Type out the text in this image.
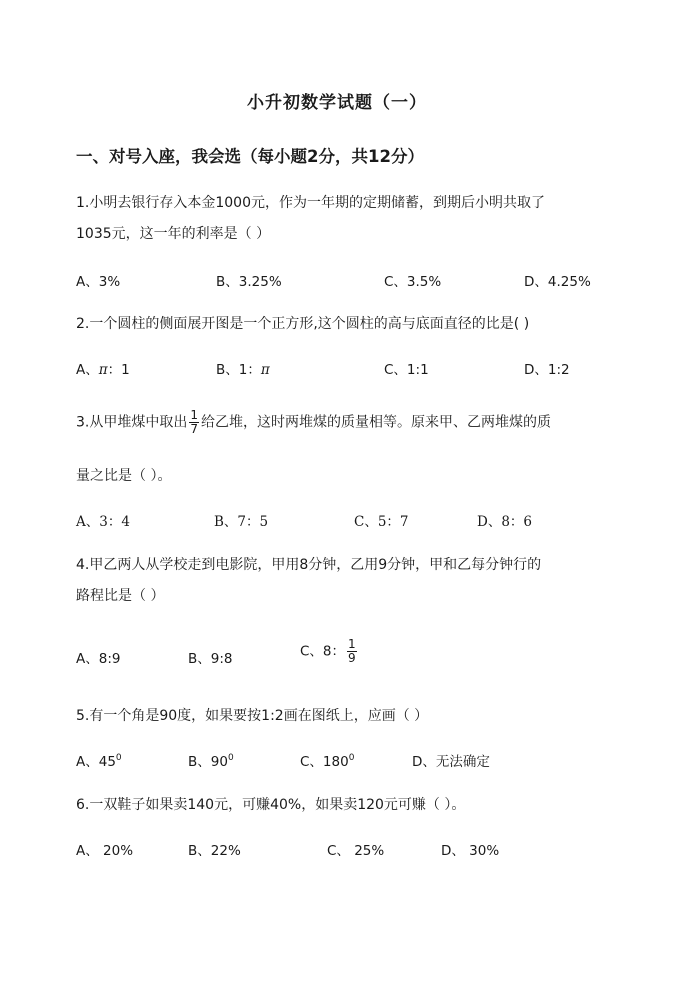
小升初数学试题（一）
一、对号入座，我会选（每小题2分，共12分）
1.小明去银行存入本金1000元，作为一年期的定期储蓄，到期后小明共取了
1035元，这一年的利率是（ ）
A、3%	B、3.25%	C、3.5%	D、4.25%
2.一个圆柱的侧面展开图是一个正方形,这个圆柱的高与底面直径的比是( )
A、π：1	B、1：π	C、1:1	D、1:2
3.从甲堆煤中取出 $\frac{1}{7}$ 给乙堆，这时两堆煤的质量相等。原来甲、乙两堆煤的质
量之比是（ ）。
A、3：4	B、7：5	C、5：7	D、8：6
4.甲乙两人从学校走到电影院，甲用8分钟，乙用9分钟，甲和乙每分钟行的
路程比是（ ）
A、8:9	B、9:8	C、8： $\frac{1}{9}$
5.有一个角是90度，如果要按1:2画在图纸上，应画（ ）
A、$45^0$	B、$90^0$	C、$180^0$	D、无法确定
6.一双鞋子如果卖140元，可赚40%，如果卖120元可赚（ ）。
A、 20%	B、22%	C、 25%	D、 30%
